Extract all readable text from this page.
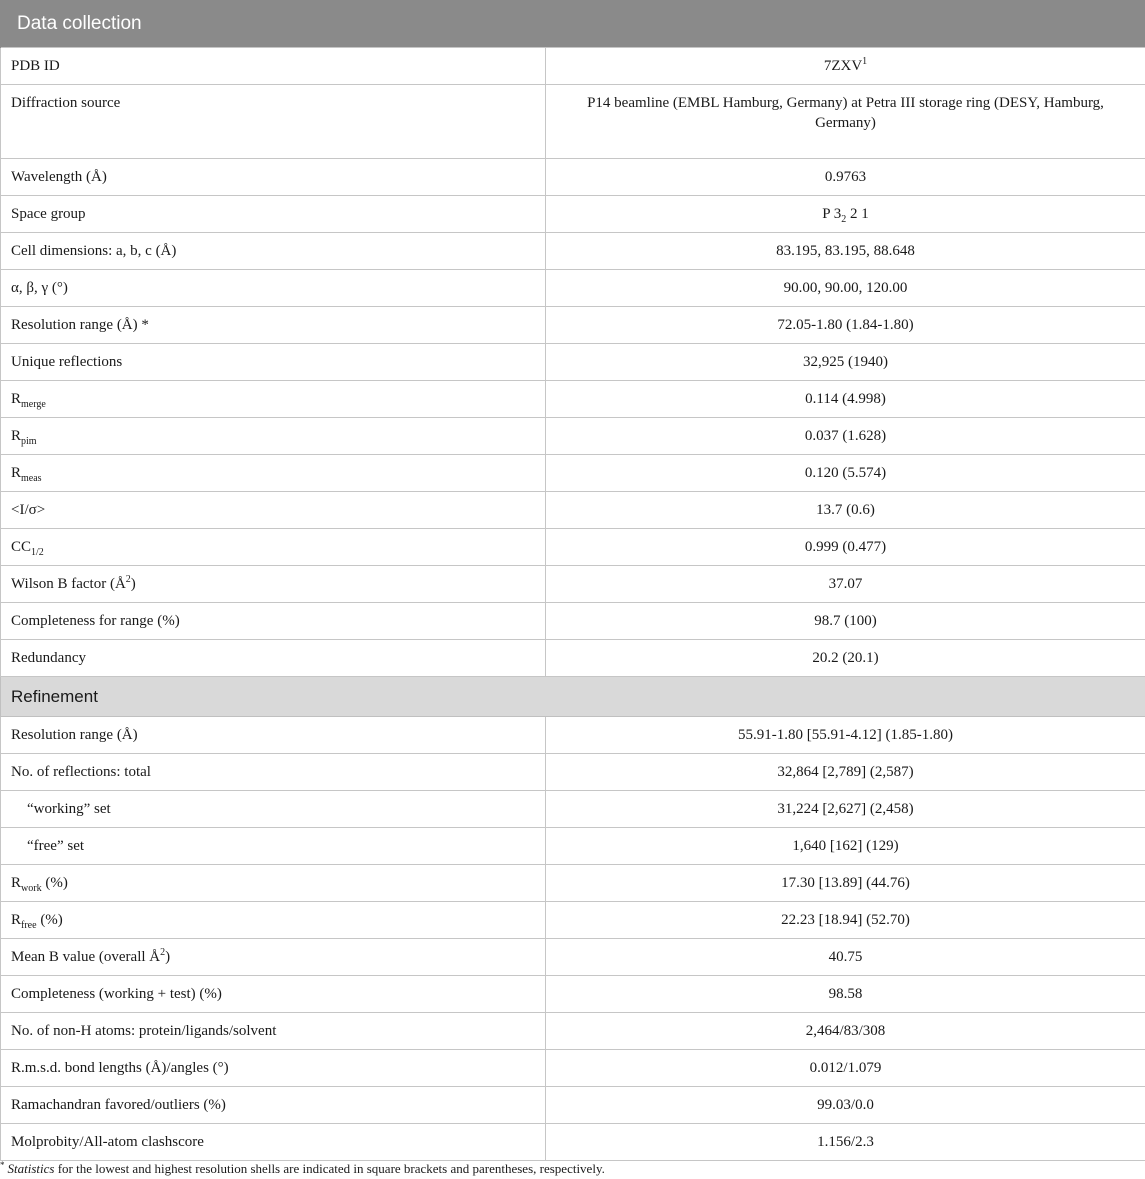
Data collection	
PDB ID	7ZXV$^1$
Diffraction source	P14 beamline (EMBL Hamburg, Germany) at Petra III storage ring (DESY, Hamburg, Germany)
Wavelength (Å)	0.9763
Space group	P $3_2$ 2 1
Cell dimensions: a, b, c (Å)	83.195, 83.195, 88.648
α, β, γ (°)	90.00, 90.00, 120.00
Resolution range (Å) *	72.05-1.80 (1.84-1.80)
Unique reflections	32,925 (1940)
$R_{merge}$	0.114 (4.998)
$R_{pim}$	0.037 (1.628)
$R_{meas}$	0.120 (5.574)
<I/σ>	13.7 (0.6)
$CC_{1/2}$	0.999 (0.477)
Wilson B factor $(Å^2)$	37.07
Completeness for range (%)	98.7 (100)
Redundancy	20.2 (20.1)
Refinement	
Resolution range (Å)	55.91-1.80 [55.91-4.12] (1.85-1.80)
No. of reflections: total	32,864 [2,789] (2,587)
“working” set	31,224 [2,627] (2,458)
“free” set	1,640 [162] (129)
$R_{work}$ (%)	17.30 [13.89] (44.76)
$R_{free}$ (%)	22.23 [18.94] (52.70)
Mean B value (overall $Å^2$)	40.75
Completeness (working + test) (%)	98.58
No. of non-H atoms: protein/ligands/solvent	2,464/83/308
R.m.s.d. bond lengths (Å)/angles (°)	0.012/1.079
Ramachandran favored/outliers (%)	99.03/0.0
Molprobity/All-atom clashscore	1.156/2.3
* Statistics for the lowest and highest resolution shells are indicated in square brackets and parentheses, respectively.
